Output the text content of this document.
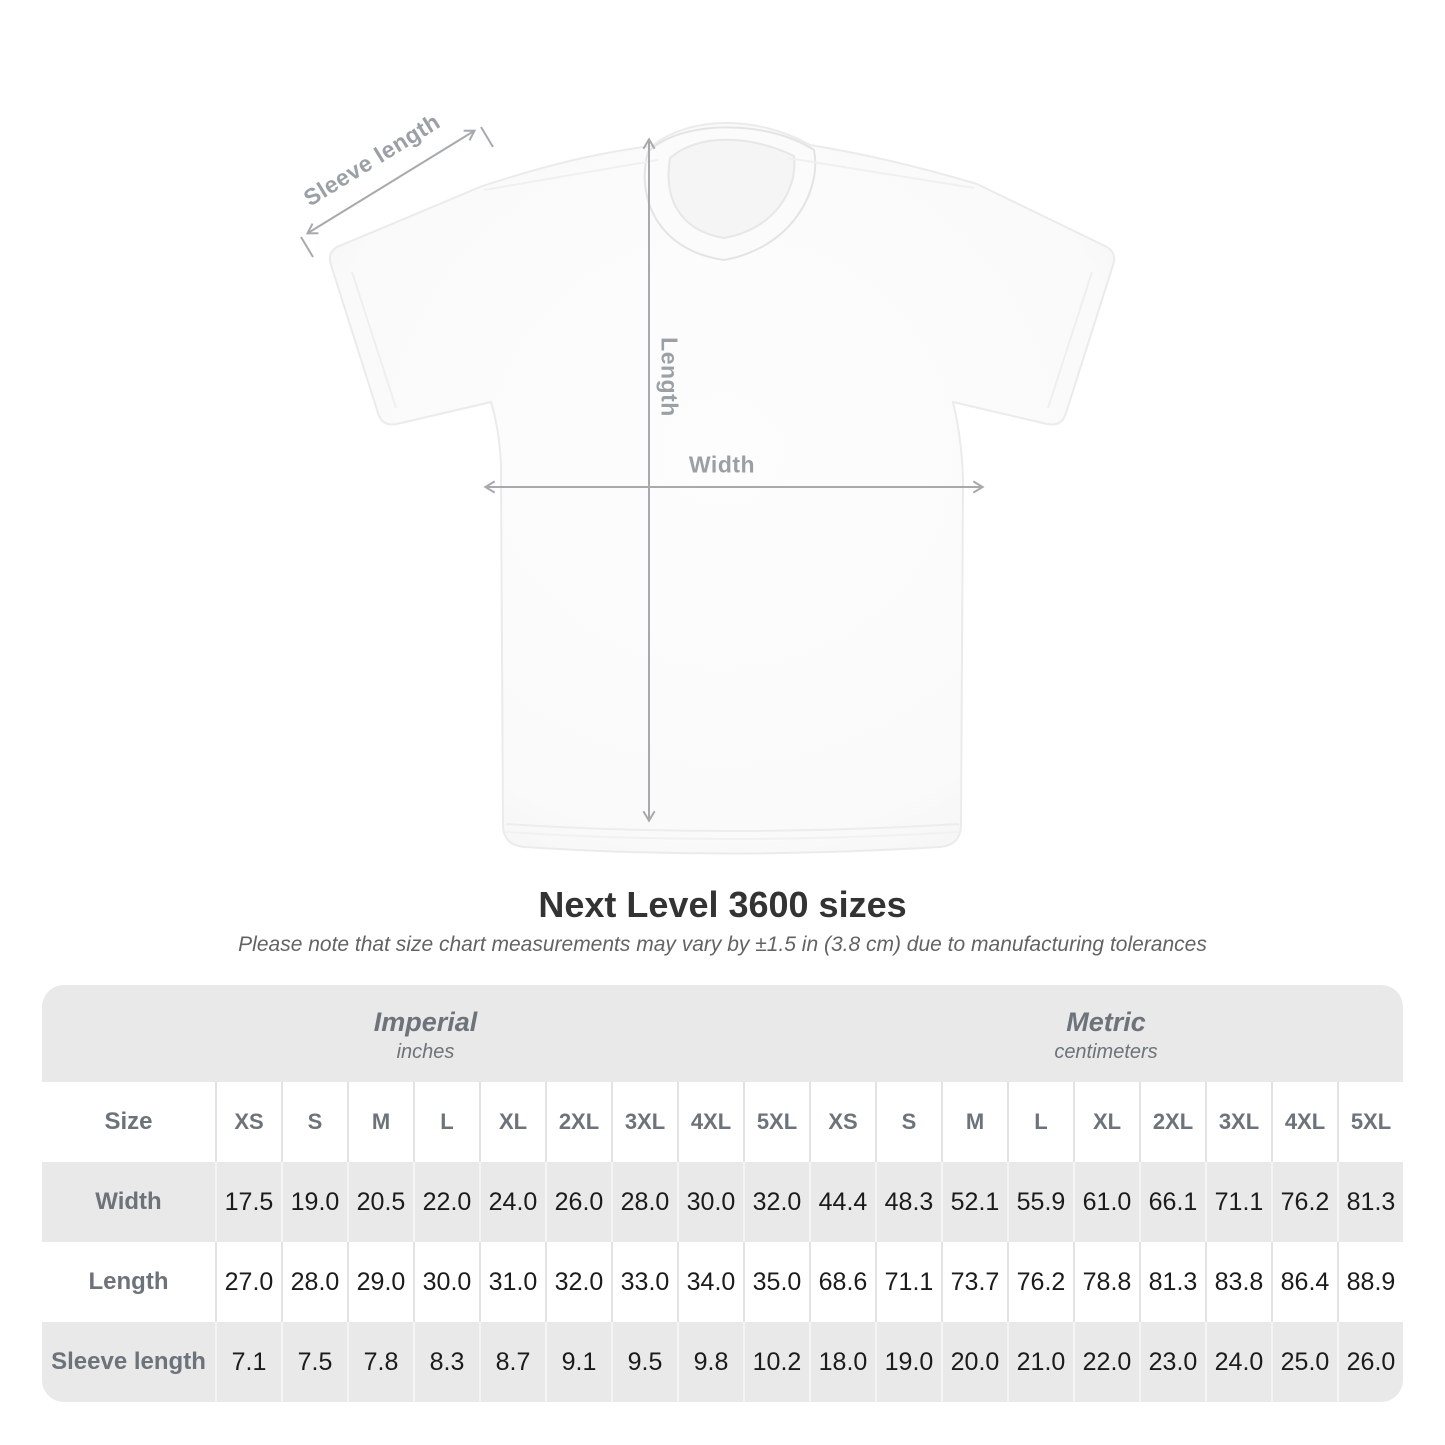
Sleeve length
Length
Width
Next Level 3600 sizes
Please note that size chart measurements may vary by ±1.5 in (3.8 cm) due to manufacturing tolerances
Imperial
inches
Metric
centimeters
Size	XS	S	M	L	XL	2XL	3XL	4XL	5XL	XS	S	M	L	XL	2XL	3XL	4XL	5XL
Width	17.5 19.0 20.5 22.0 24.0 26.0 28.0 30.0 32.0 44.4 48.3 52.1 55.9 61.0 66.1 71.1 76.2 81.3
Length	27.0 28.0 29.0 30.0 31.0 32.0 33.0 34.0 35.0 68.6 71.1 73.7 76.2 78.8 81.3 83.8 86.4 88.9
Sleeve length	7.1	7.5	7.8	8.3	8.7	9.1	9.5	9.8 10.2 18.0 19.0 20.0 21.0 22.0 23.0 24.0 25.0 26.0
